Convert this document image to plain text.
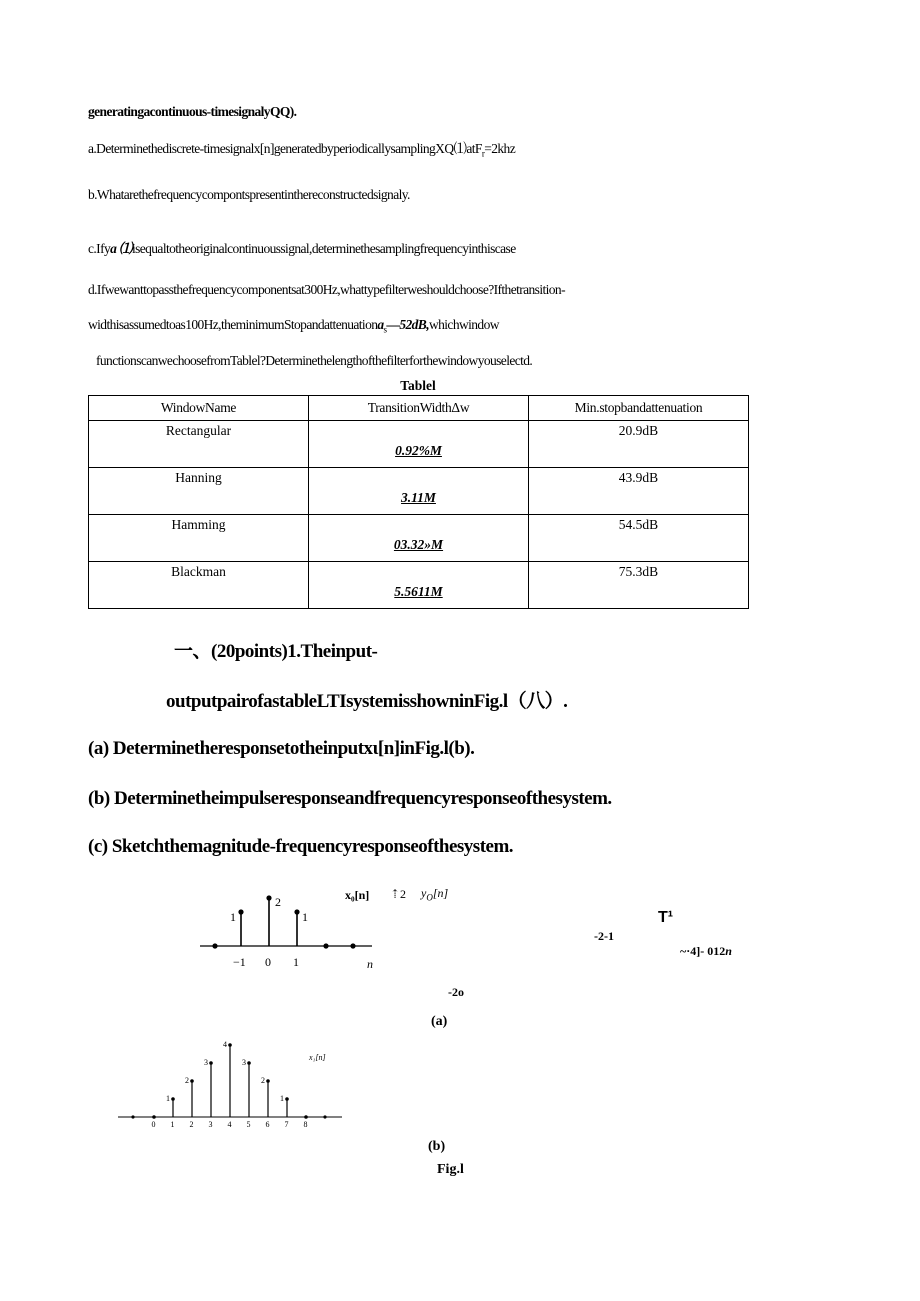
generatingacontinuous-timesignalyQQ).
a.Determinethediscrete-timesignalx[n]generatedbyperiodicallysamplingXQ⑴atF$_r$=2khz
b.Whatarethefrequencycompontspresentinthereconstructedsignaly.
c.Ifya ⑴isequaltotheoriginalcontinuoussignal,determinethesamplingfrequencyinthiscase
d.Ifwewanttopassthefrequencycomponentsat300Hz,whattypefilterweshouldchoose?Ifthetransition-
widthisassumedtoas100Hz,theminimumStopandattenuationa$_s$—52dB,whichwindow
functionscanwechoosefromTablel?Determinethelengthofthefilterforthewindowyouselectd.
Tablel
WindowName	TransitionWidthΔw	Min.stopbandattenuation
Rectangular	0.92%M	20.9dB
Hanning	3.11M	43.9dB
Hamming	03.32»M	54.5dB
Blackman	5.5611M	75.3dB
一、(20points)1.Theinput-
outputpairofastableLTIsystemisshowninFig.l（八）.
(a) Determinetheresponsetotheinputxι[n]inFig.l(b).
(b) Determinetheimpulseresponseandfrequencyresponseofthesystem.
(c) Sketchthemagnitude-frequencyresponseofthesystem.
1
2
1
−1 0 1	n
x₀[n] ⇡2 $y_O[n]$
T¹
-2-1
~·4]- 012n
-2o
(a)
0
1
1
2
2
3
3
4
4
3
5
2
6
1
7 8
x₁[n]
(b)
Fig.l
